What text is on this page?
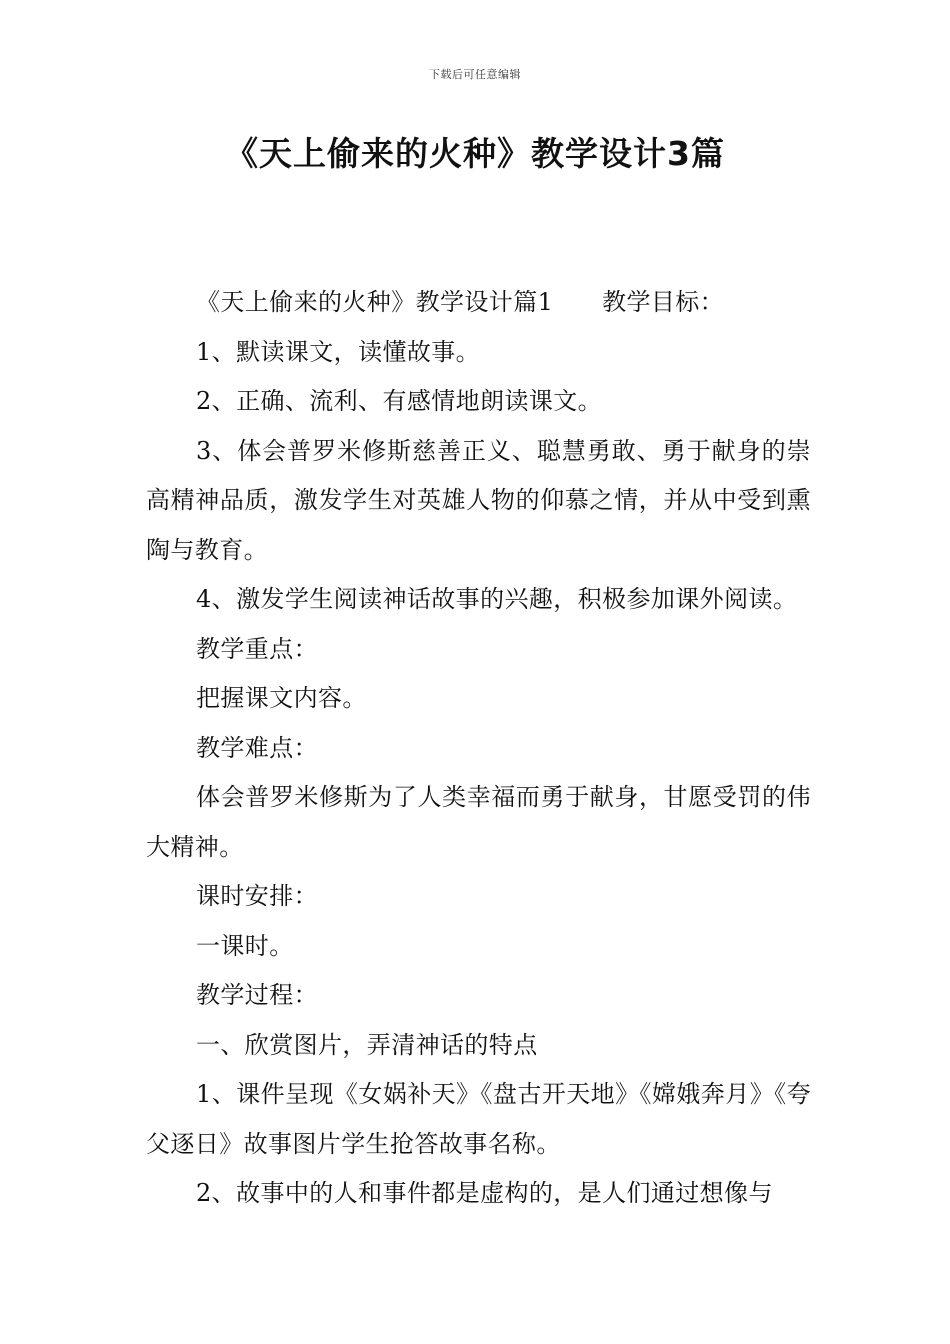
下载后可任意编辑
《天上偷来的火种》教学设计3篇

《天上偷来的火种》教学设计篇1　　教学目标：

1、默读课文，读懂故事。

2、正确、流利、有感情地朗读课文。

3、体会普罗米修斯慈善正义、聪慧勇敢、勇于献身的崇高精神品质，激发学生对英雄人物的仰慕之情，并从中受到熏陶与教育。

4、激发学生阅读神话故事的兴趣，积极参加课外阅读。

教学重点：

把握课文内容。

教学难点：

体会普罗米修斯为了人类幸福而勇于献身，甘愿受罚的伟大精神。

课时安排：

一课时。

教学过程：

一、欣赏图片，弄清神话的特点

1、课件呈现《女娲补天》《盘古开天地》《嫦娥奔月》《夸父逐日》故事图片学生抢答故事名称。

2、故事中的人和事件都是虚构的，是人们通过想像与
